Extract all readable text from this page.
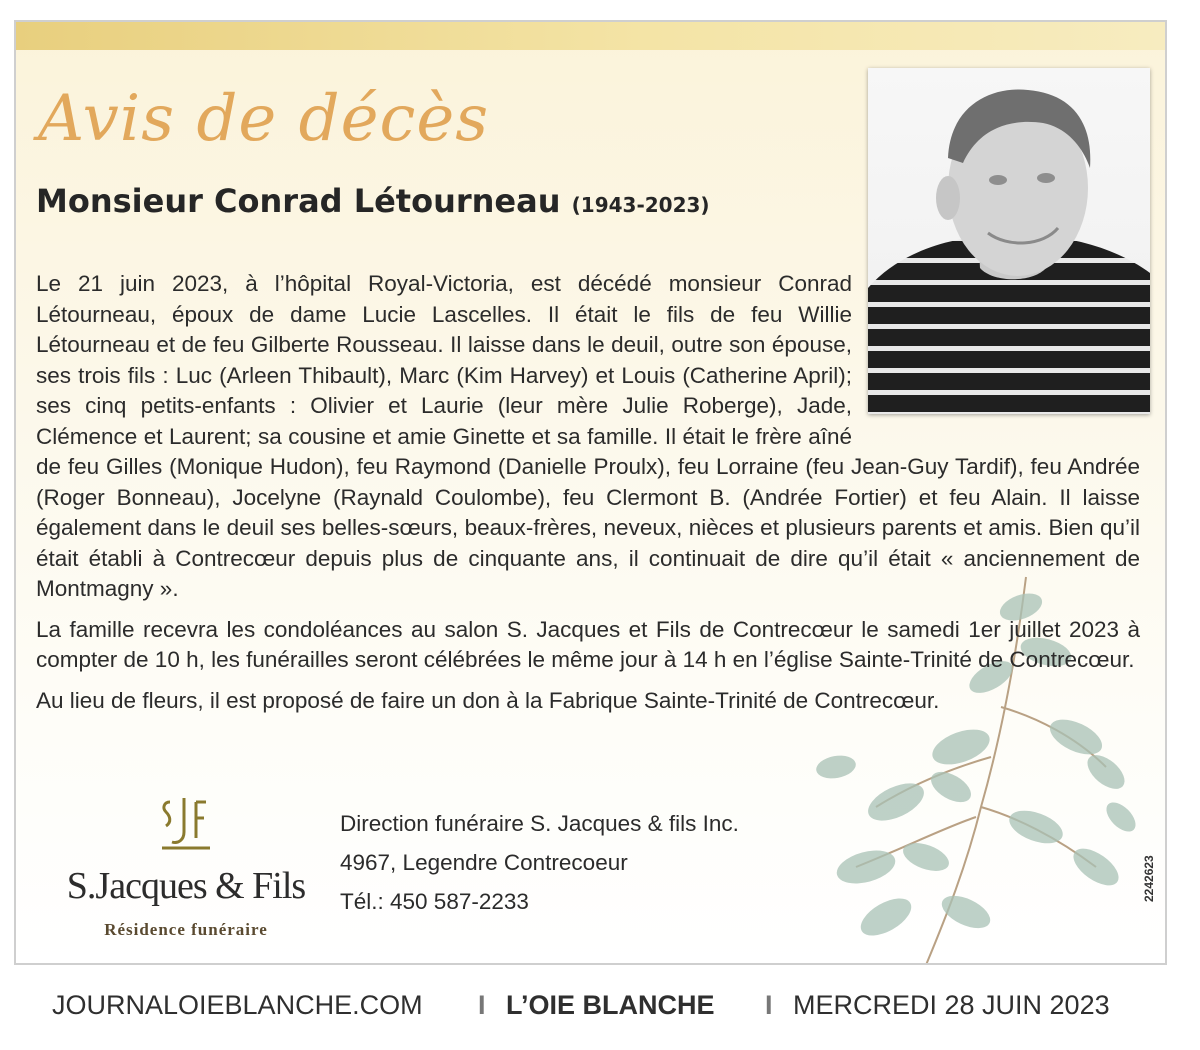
Avis de décès
Monsieur Conrad Létourneau (1943-2023)

Le 21 juin 2023, à l’hôpital Royal-Victoria, est décédé monsieur Conrad Létourneau, époux de dame Lucie Lascelles. Il était le fils de feu Willie Létourneau et de feu Gilberte Rousseau. Il laisse dans le deuil, outre son épouse, ses trois fils : Luc (Arleen Thibault), Marc (Kim Harvey) et Louis (Catherine April); ses cinq petits-enfants : Olivier et Laurie (leur mère Julie Roberge), Jade, Clémence et Laurent; sa cousine et amie Ginette et sa famille. Il était le frère aîné de feu Gilles (Monique Hudon), feu Raymond (Danielle Proulx), feu Lorraine (feu Jean-Guy Tardif), feu Andrée (Roger Bonneau), Jocelyne (Raynald Coulombe), feu Clermont B. (Andrée Fortier) et feu Alain. Il laisse également dans le deuil ses belles-sœurs, beaux-frères, neveux, nièces et plusieurs parents et amis. Bien qu’il était établi à Contrecœur depuis plus de cinquante ans, il continuait de dire qu’il était « anciennement de Montmagny ».

La famille recevra les condoléances au salon S. Jacques et Fils de Contrecœur le samedi 1er juillet 2023 à compter de 10 h, les funérailles seront célébrées le même jour à 14 h en l’église Sainte-Trinité de Contrecœur.

Au lieu de fleurs, il est proposé de faire un don à la Fabrique Sainte-Trinité de Contrecœur.

S.Jacques & Fils
Résidence funéraire
Direction funéraire S. Jacques & fils Inc.
4967, Legendre Contrecoeur
Tél.: 450 587-2233	2242623
JOURNALOIEBLANCHE.COM I L’OIE BLANCHE I MERCREDI 28 JUIN 2023
